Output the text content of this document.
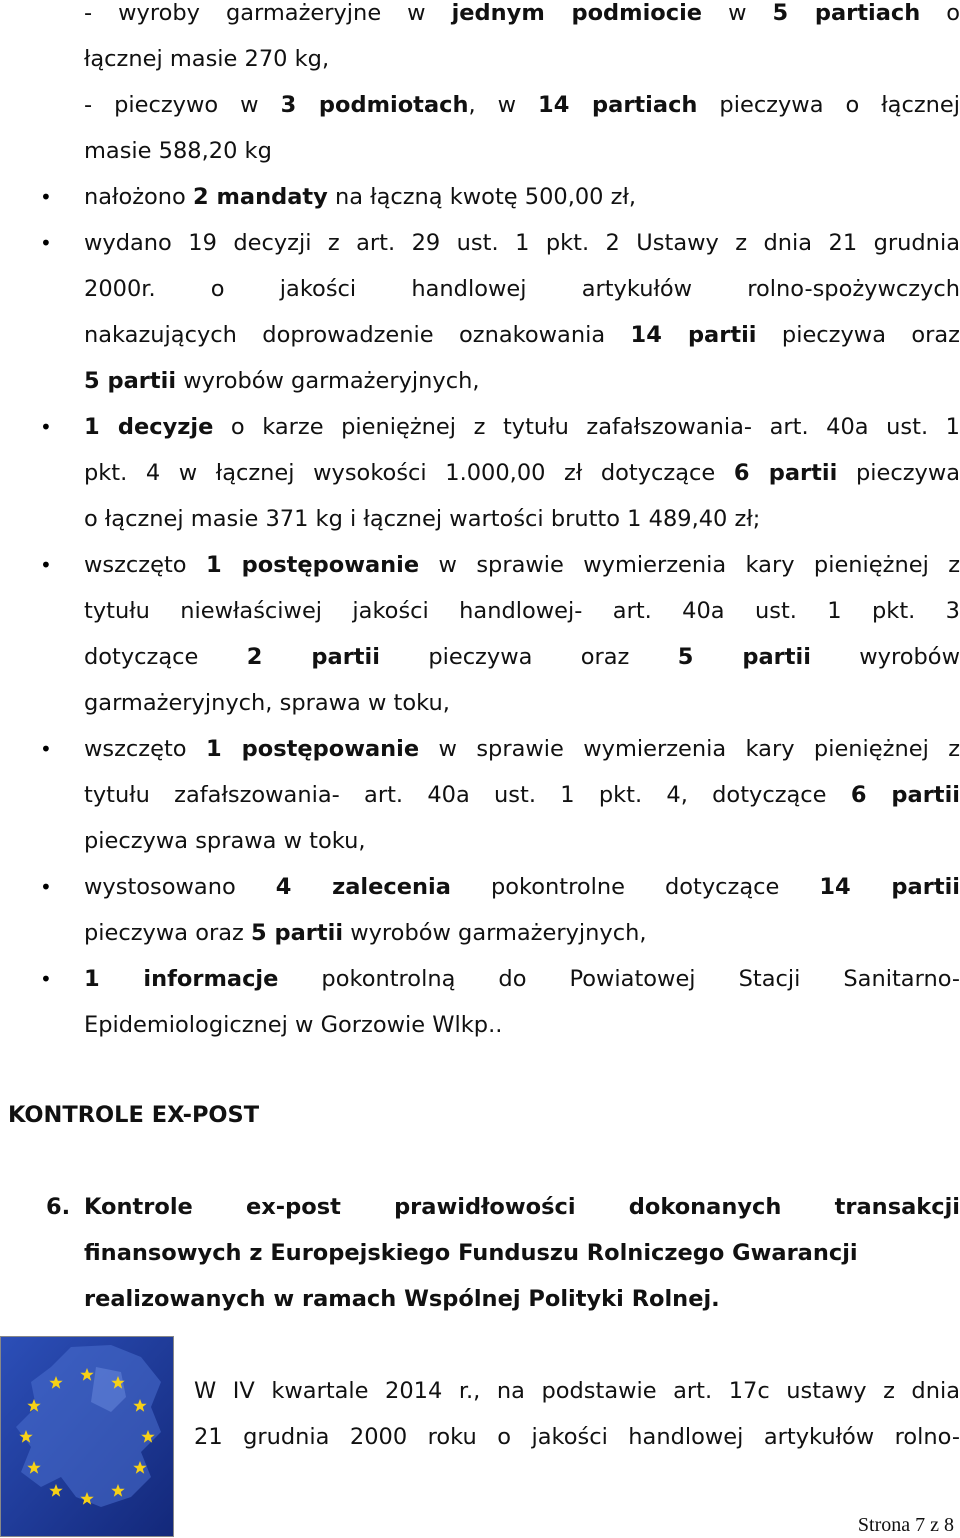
- wyroby garmażeryjne w jednym podmiocie w 5 partiach o
łącznej masie 270 kg,
- pieczywo w 3 podmiotach, w 14 partiach pieczywa o łącznej
masie 588,20 kg
nałożono 2 mandaty na łączną kwotę 500,00 zł,
wydano 19 decyzji z art. 29 ust. 1 pkt. 2 Ustawy z dnia 21 grudnia
2000r. o jakości handlowej artykułów rolno-spożywczych
nakazujących doprowadzenie oznakowania 14 partii pieczywa oraz
5 partii wyrobów garmażeryjnych,
1 decyzje o karze pieniężnej z tytułu zafałszowania- art. 40a ust. 1
pkt. 4 w łącznej wysokości 1.000,00 zł dotyczące 6 partii pieczywa
o łącznej masie 371 kg i łącznej wartości brutto 1 489,40 zł;
wszczęto 1 postępowanie w sprawie wymierzenia kary pieniężnej z
tytułu niewłaściwej jakości handlowej- art. 40a ust. 1 pkt. 3
dotyczące 2 partii pieczywa oraz 5 partii wyrobów
garmażeryjnych, sprawa w toku,
wszczęto 1 postępowanie w sprawie wymierzenia kary pieniężnej z
tytułu zafałszowania- art. 40a ust. 1 pkt. 4, dotyczące 6 partii
pieczywa sprawa w toku,
wystosowano 4 zalecenia pokontrolne dotyczące 14 partii
pieczywa oraz 5 partii wyrobów garmażeryjnych,
1 informacje pokontrolną do Powiatowej Stacji Sanitarno-
Epidemiologicznej w Gorzowie Wlkp..
•
•
•
•
•
•
•
KONTROLE EX-POST
6. Kontrole ex-post prawidłowości dokonanych transakcji
finansowych z Europejskiego Funduszu Rolniczego Gwarancji
realizowanych w ramach Wspólnej Polityki Rolnej.
W IV kwartale 2014 r., na podstawie art. 17c ustawy z dnia
21 grudnia 2000 roku o jakości handlowej artykułów rolno-
Strona 7 z 8
